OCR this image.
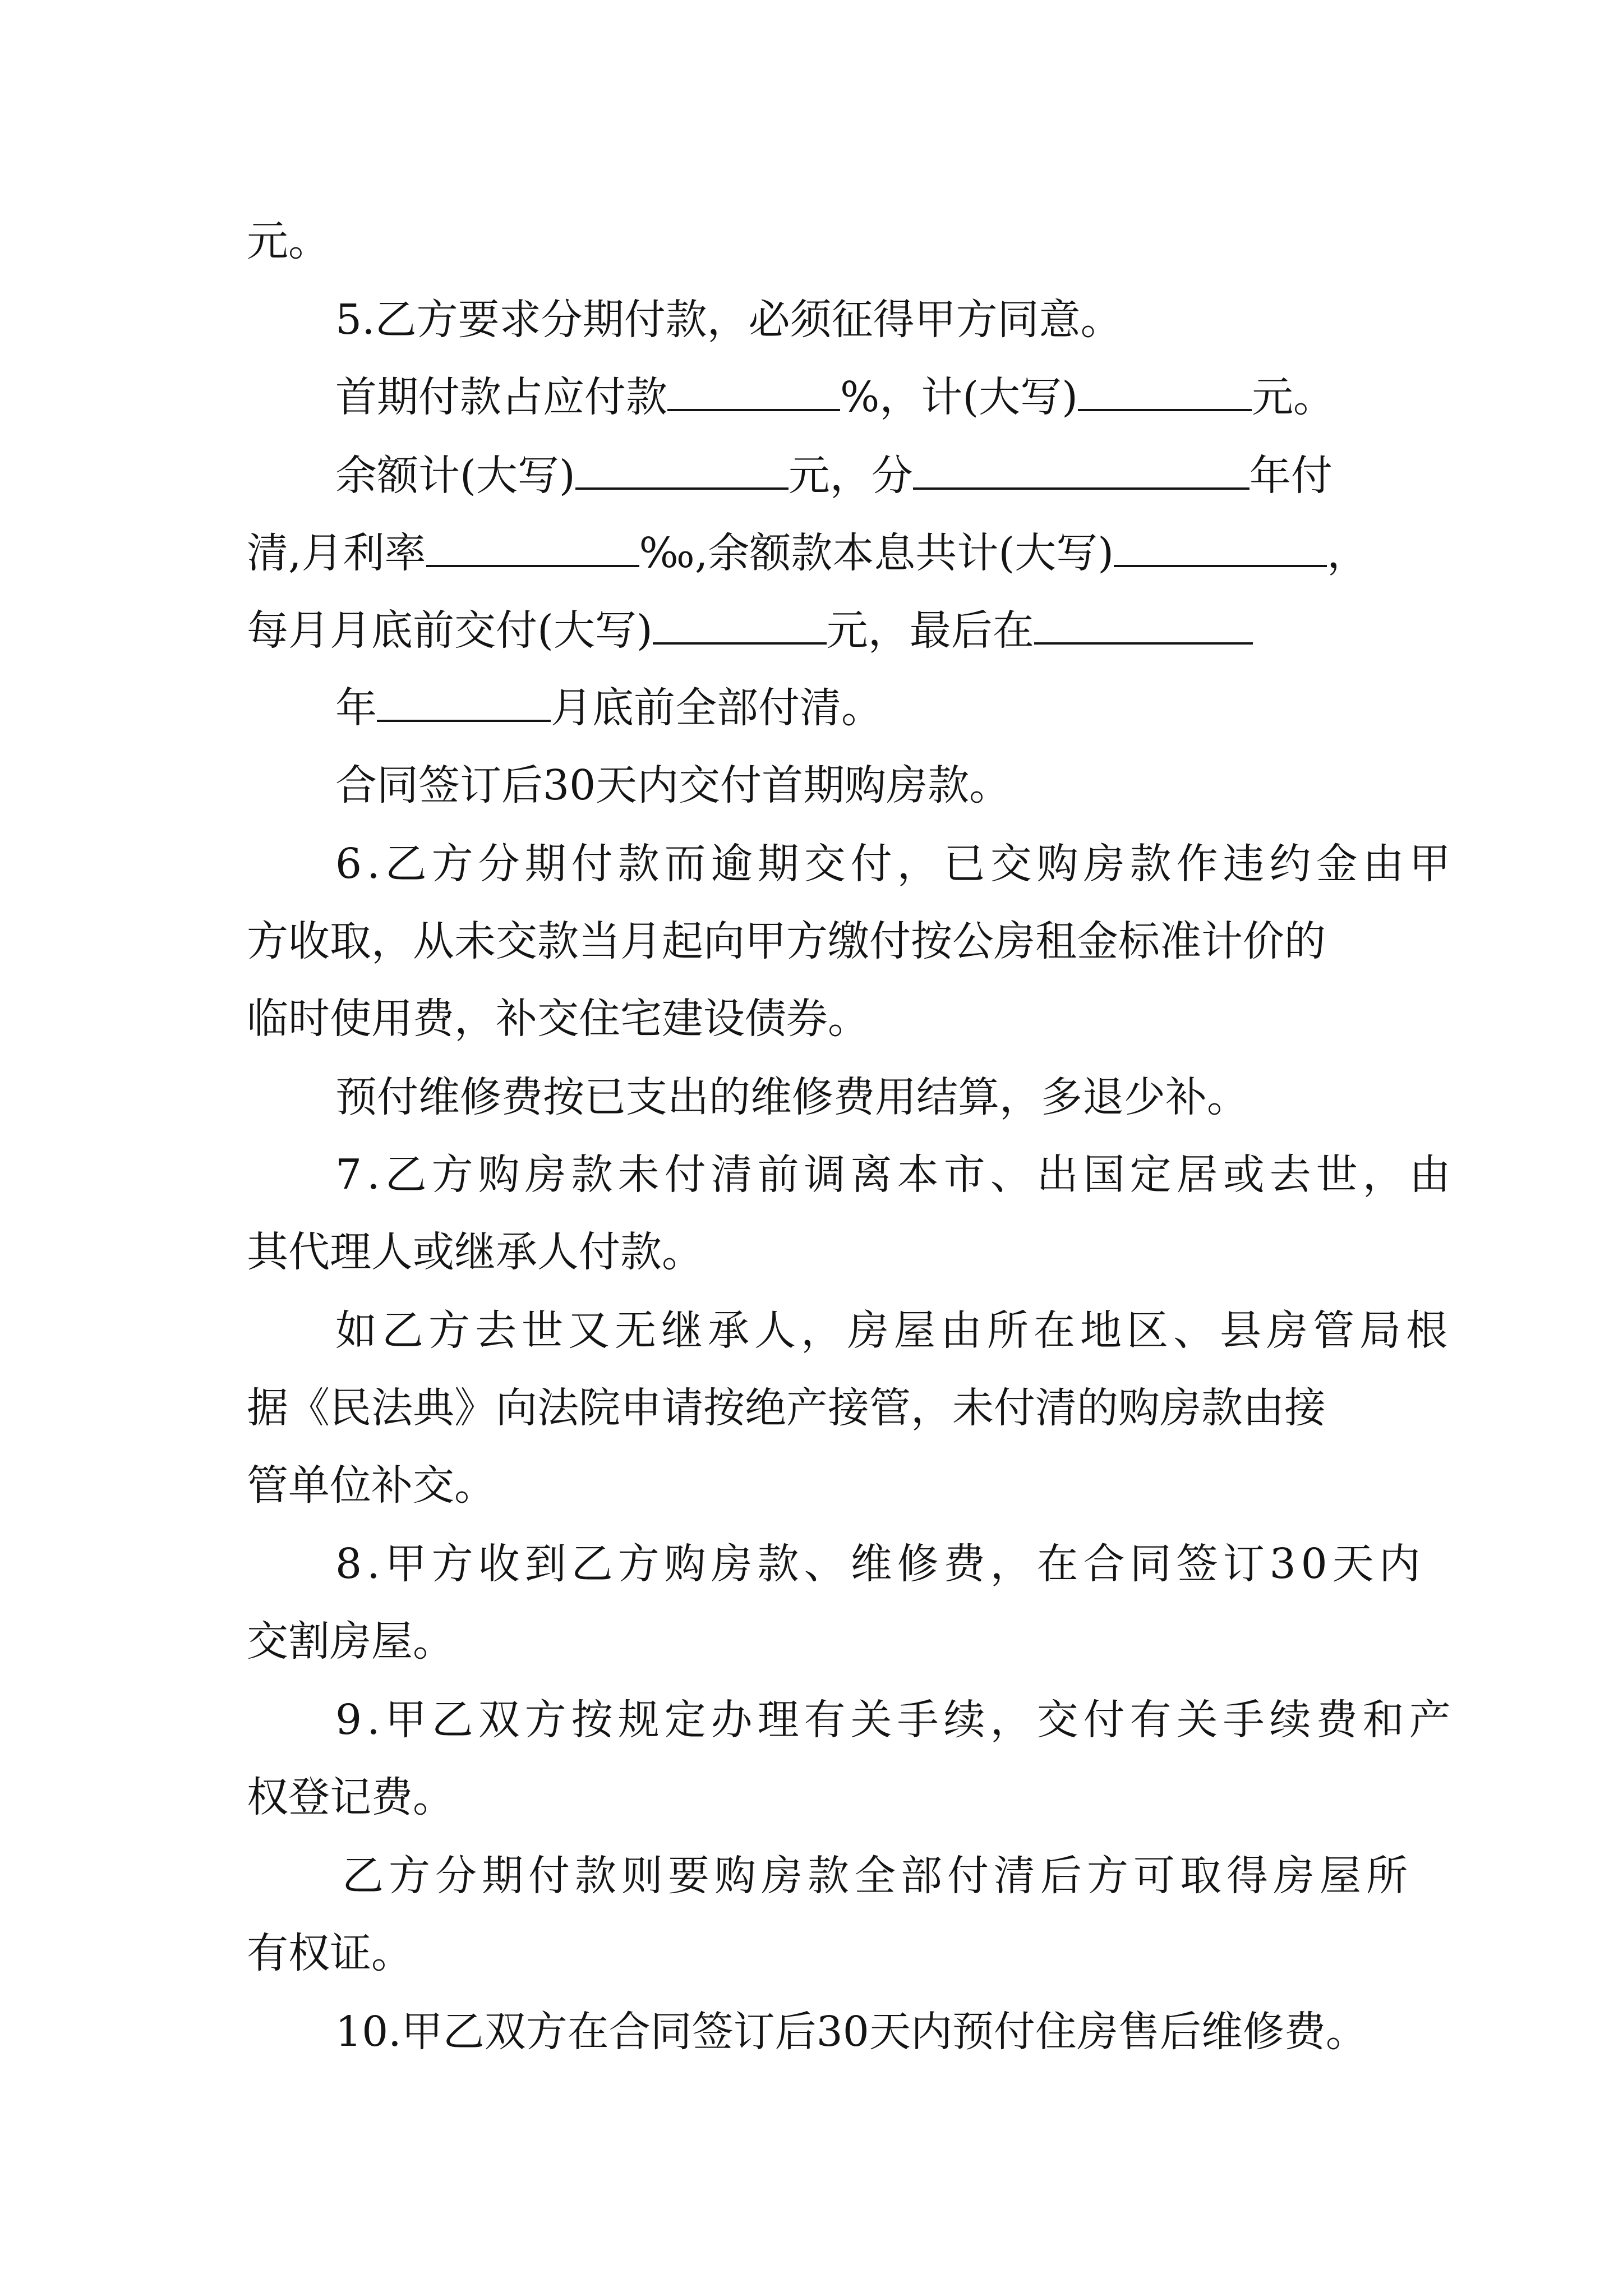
元。
5.乙方要求分期付款，必须征得甲方同意。
首期付款占应付款	%，计(大写)	元。
余额计(大写)	元，分	年付
清,月利率	‰,余额款本息共计(大写)	，
每月月底前交付(大写)	元，最后在
年	月底前全部付清。
合同签订后30天内交付首期购房款。
6.乙方分期付款而逾期交付，已交购房款作违约金由甲
方收取，从未交款当月起向甲方缴付按公房租金标准计价的
临时使用费，补交住宅建设债券。
预付维修费按已支出的维修费用结算，多退少补。
7.乙方购房款未付清前调离本市、出国定居或去世，由
其代理人或继承人付款。
如乙方去世又无继承人，房屋由所在地区、县房管局根
据《民法典》向法院申请按绝产接管，未付清的购房款由接
管单位补交。
8.甲方收到乙方购房款、维修费，在合同签订30天内
交割房屋。
9.甲乙双方按规定办理有关手续，交付有关手续费和产
权登记费。
乙方分期付款则要购房款全部付清后方可取得房屋所
有权证。
10.甲乙双方在合同签订后30天内预付住房售后维修费。
